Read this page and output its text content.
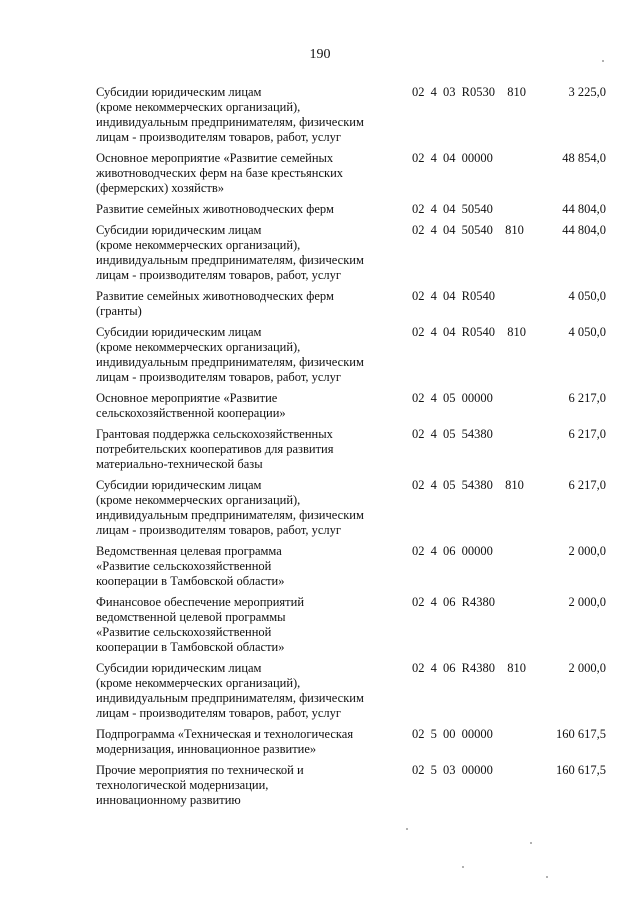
190
Субсидии юридическим лицам
(кроме некоммерческих организаций),
индивидуальным предпринимателям, физическим
лицам - производителям товаров, работ, услуг
02 4 03 R0530  810	3 225,0
Основное мероприятие «Развитие семейных
животноводческих ферм на базе крестьянских
(фермерских) хозяйств»
02 4 04 00000	48 854,0
Развитие семейных животноводческих ферм	02 4 04 50540	44 804,0
Субсидии юридическим лицам
(кроме некоммерческих организаций),
индивидуальным предпринимателям, физическим
лицам - производителям товаров, работ, услуг
02 4 04 50540  810	44 804,0
Развитие семейных животноводческих ферм
(гранты)
02 4 04 R0540	4 050,0
Субсидии юридическим лицам
(кроме некоммерческих организаций),
индивидуальным предпринимателям, физическим
лицам - производителям товаров, работ, услуг
02 4 04 R0540  810	4 050,0
Основное мероприятие «Развитие
сельскохозяйственной кооперации»
02 4 05 00000	6 217,0
Грантовая поддержка сельскохозяйственных
потребительских кооперативов для развития
материально-технической базы
02 4 05 54380	6 217,0
Субсидии юридическим лицам
(кроме некоммерческих организаций),
индивидуальным предпринимателям, физическим
лицам - производителям товаров, работ, услуг
02 4 05 54380  810	6 217,0
Ведомственная целевая программа
«Развитие сельскохозяйственной
кооперации в Тамбовской области»
02 4 06 00000	2 000,0
Финансовое обеспечение мероприятий
ведомственной целевой программы
«Развитие сельскохозяйственной
кооперации в Тамбовской области»
02 4 06 R4380	2 000,0
Субсидии юридическим лицам
(кроме некоммерческих организаций),
индивидуальным предпринимателям, физическим
лицам - производителям товаров, работ, услуг
02 4 06 R4380  810	2 000,0
Подпрограмма «Техническая и технологическая
модернизация, инновационное развитие»
02 5 00 00000	160 617,5
Прочие мероприятия по технической и
технологической модернизации,
инновационному развитию
02 5 03 00000	160 617,5
